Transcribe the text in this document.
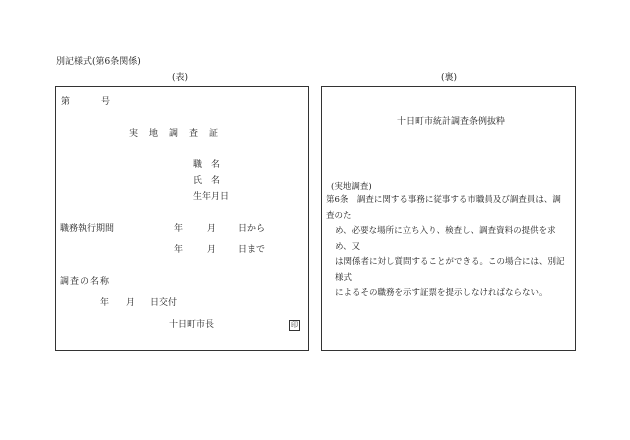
別記様式(第6条関係)
(表)	(裏)
第	号
実　地　調　査　証
職　名
氏　名
生年月日
職務執行期間	年	月 日から
年	月 日まで
調査の名称
年 月 日交付
十日町市長	印
十日町市統計調査条例抜粋
(実地調査)
第6条　調査に関する事務に従事する市職員及び調査員は、調査のた
め、必要な場所に立ち入り、検査し、調査資料の提供を求め、又
は関係者に対し質問することができる。この場合には、別記様式
によるその職務を示す証票を提示しなければならない。
